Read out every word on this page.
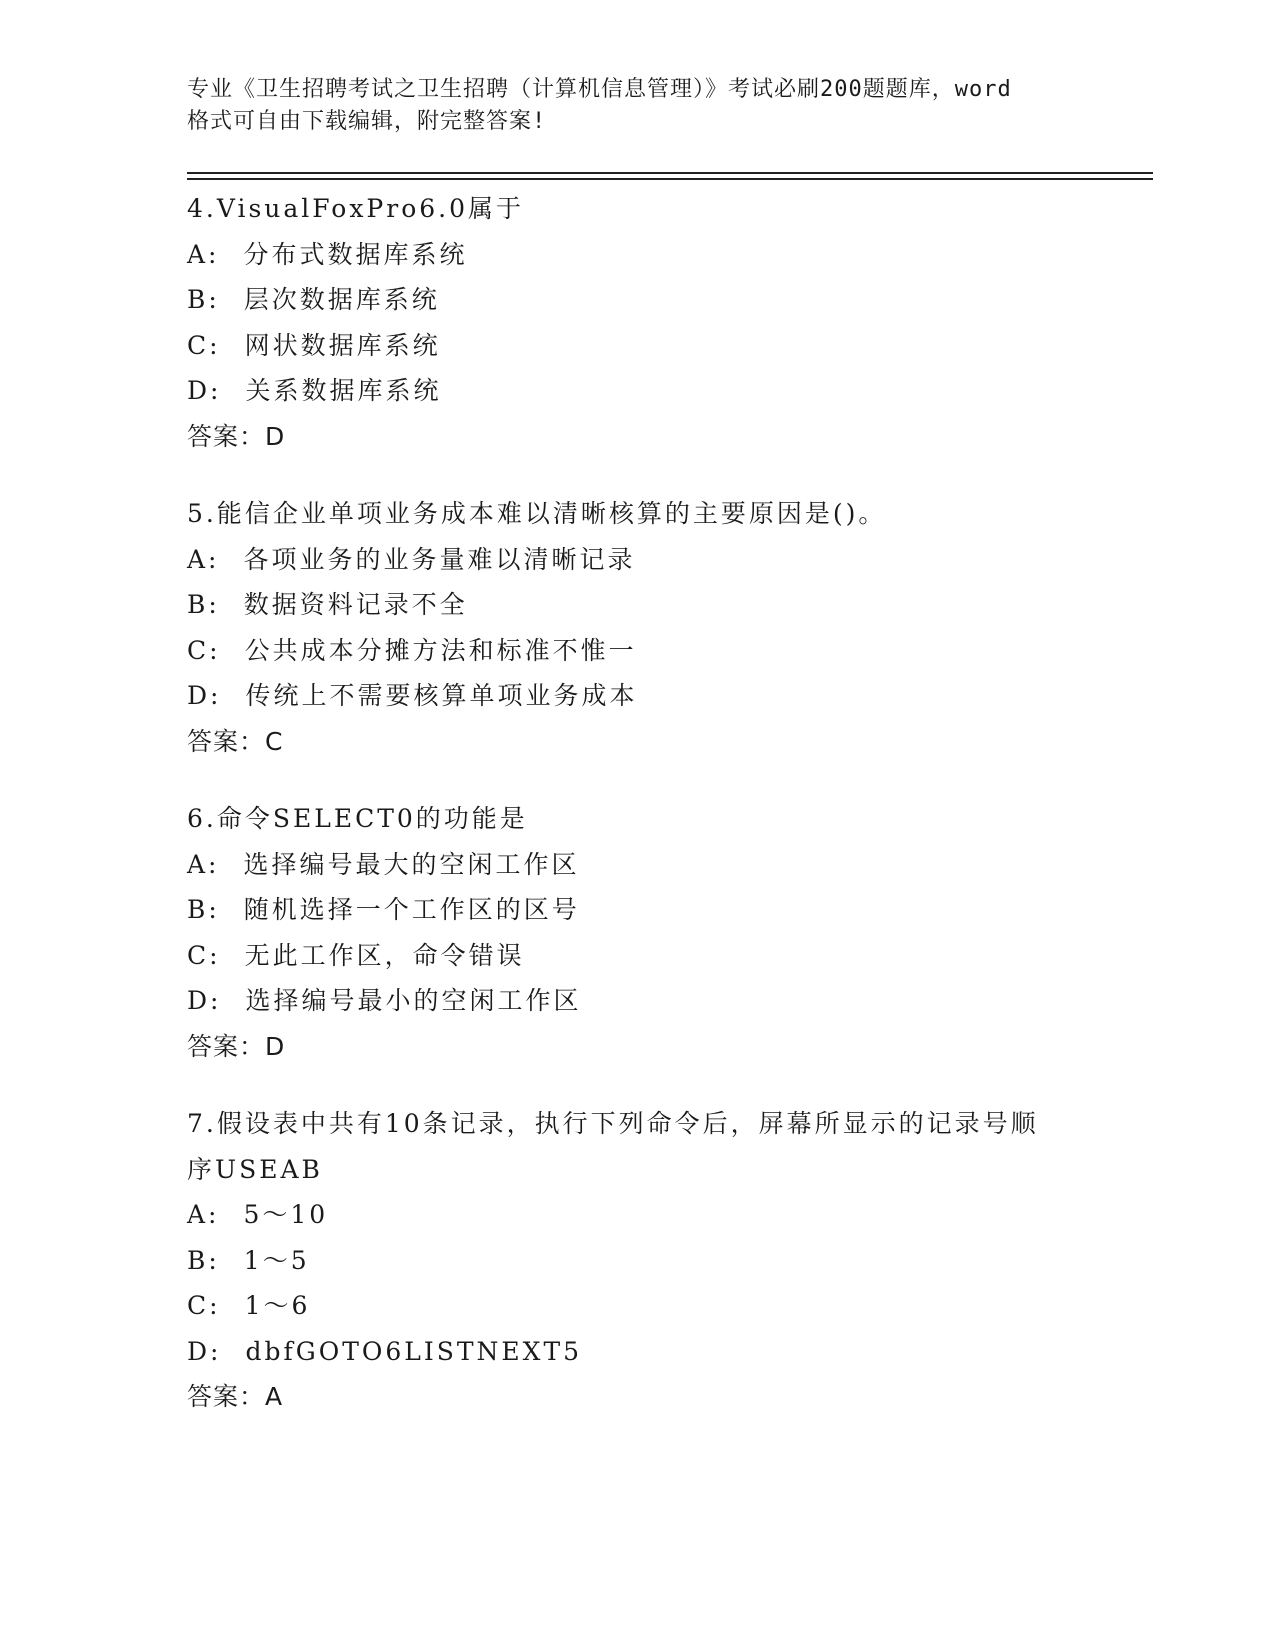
专业《卫生招聘考试之卫生招聘（计算机信息管理）》考试必刷200题题库，word
格式可自由下载编辑，附完整答案!
4.VisualFoxPro6.0属于
A: 分布式数据库系统
B: 层次数据库系统
C: 网状数据库系统
D: 关系数据库系统
答案：D
5.能信企业单项业务成本难以清晰核算的主要原因是()。
A: 各项业务的业务量难以清晰记录
B: 数据资料记录不全
C: 公共成本分摊方法和标准不惟一
D: 传统上不需要核算单项业务成本
答案：C
6.命令SELECT0的功能是
A: 选择编号最大的空闲工作区
B: 随机选择一个工作区的区号
C: 无此工作区，命令错误
D: 选择编号最小的空闲工作区
答案：D
7.假设表中共有10条记录，执行下列命令后，屏幕所显示的记录号顺
序USEAB
A: 5～10
B: 1～5
C: 1～6
D: dbfGOTO6LISTNEXT5
答案：A
